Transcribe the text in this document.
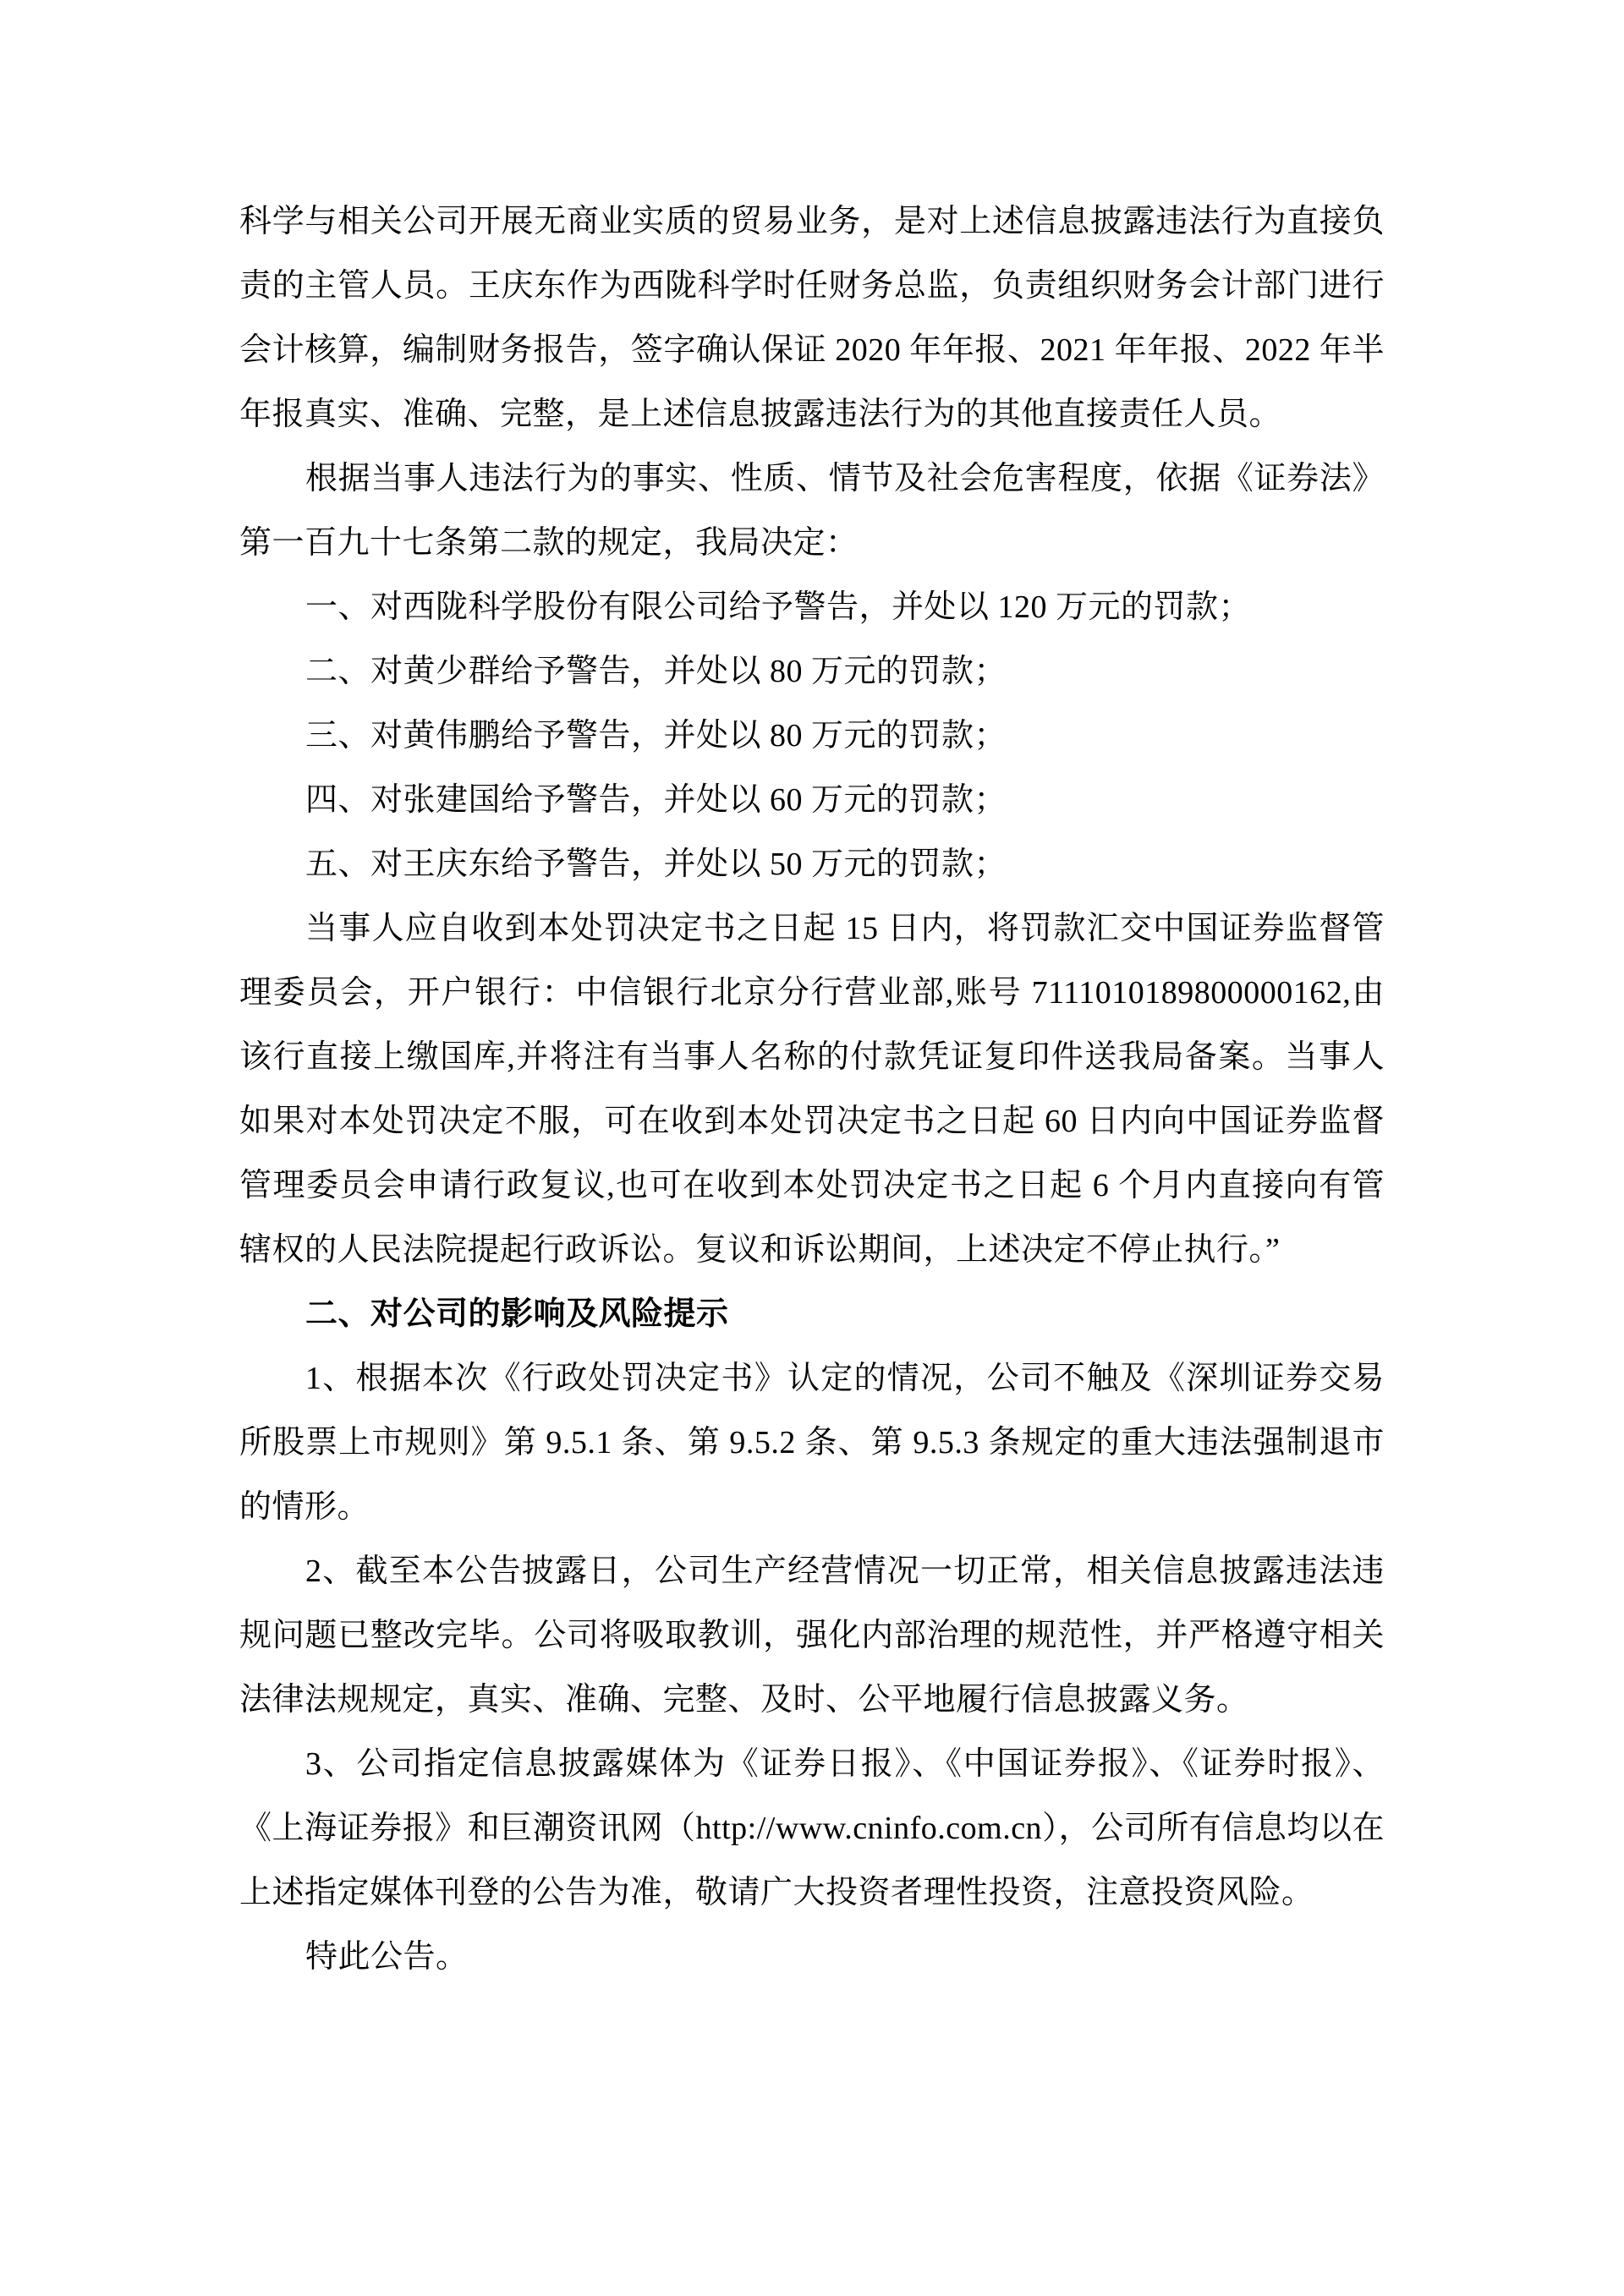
科学与相关公司开展无商业实质的贸易业务，是对上述信息披露违法行为直接负责的主管人员。王庆东作为西陇科学时任财务总监，负责组织财务会计部门进行会计核算，编制财务报告，签字确认保证 2020 年年报、2021 年年报、2022 年半年报真实、准确、完整，是上述信息披露违法行为的其他直接责任人员。

根据当事人违法行为的事实、性质、情节及社会危害程度，依据《证券法》第一百九十七条第二款的规定，我局决定：

一、对西陇科学股份有限公司给予警告，并处以 120 万元的罚款；

二、对黄少群给予警告，并处以 80 万元的罚款；

三、对黄伟鹏给予警告，并处以 80 万元的罚款；

四、对张建国给予警告，并处以 60 万元的罚款；

五、对王庆东给予警告，并处以 50 万元的罚款；

当事人应自收到本处罚决定书之日起 15 日内，将罚款汇交中国证券监督管理委员会，开户银行：中信银行北京分行营业部,账号 7111010189800000162,由该行直接上缴国库,并将注有当事人名称的付款凭证复印件送我局备案。当事人如果对本处罚决定不服，可在收到本处罚决定书之日起 60 日内向中国证券监督管理委员会申请行政复议,也可在收到本处罚决定书之日起 6 个月内直接向有管辖权的人民法院提起行政诉讼。复议和诉讼期间，上述决定不停止执行。”

二、对公司的影响及风险提示

1、根据本次《行政处罚决定书》认定的情况，公司不触及《深圳证券交易所股票上市规则》第 9.5.1 条、第 9.5.2 条、第 9.5.3 条规定的重大违法强制退市的情形。

2、截至本公告披露日，公司生产经营情况一切正常，相关信息披露违法违规问题已整改完毕。公司将吸取教训，强化内部治理的规范性，并严格遵守相关法律法规规定，真实、准确、完整、及时、公平地履行信息披露义务。

3、公司指定信息披露媒体为《证券日报》、《中国证券报》、《证券时报》、《上海证券报》和巨潮资讯网（http://www.cninfo.com.cn），公司所有信息均以在上述指定媒体刊登的公告为准，敬请广大投资者理性投资，注意投资风险。

特此公告。
